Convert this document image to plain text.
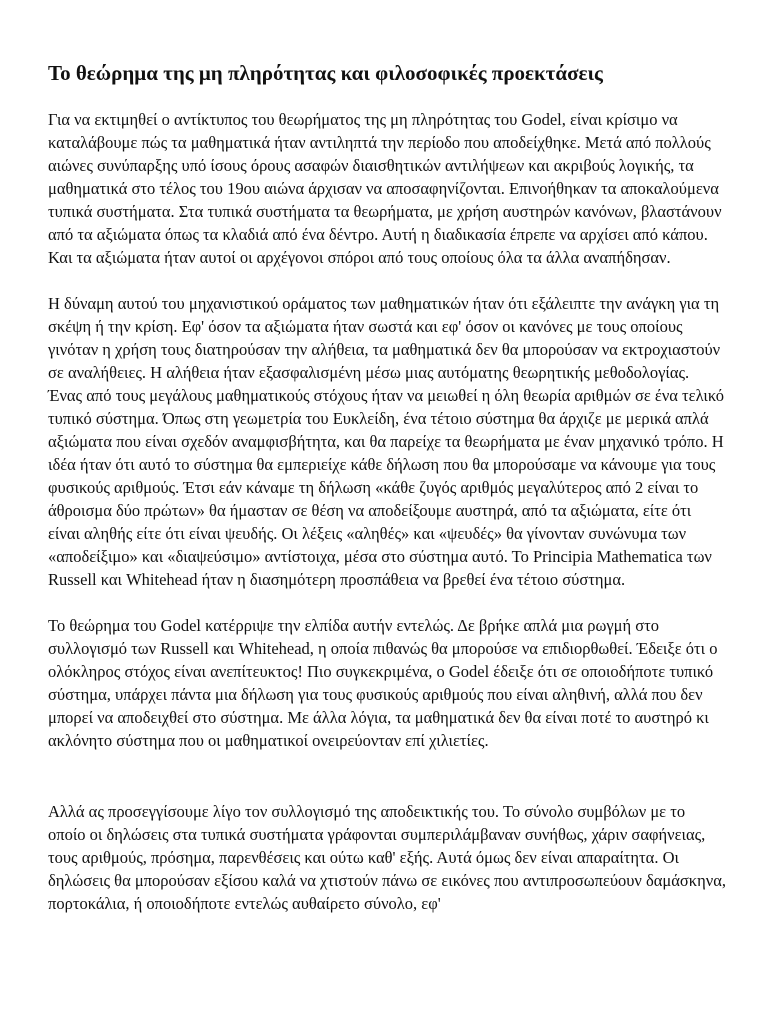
Το θεώρημα της μη πληρότητας και φιλοσοφικές προεκτάσεις

Για να εκτιμηθεί ο αντίκτυπος του θεωρήματος της μη πληρότητας του Godel, είναι κρίσιμο να καταλάβουμε πώς τα μαθηματικά ήταν αντιληπτά την περίοδο που αποδείχθηκε. Μετά από πολλούς αιώνες συνύπαρξης υπό ίσους όρους ασαφών διαισθητικών αντιλήψεων και ακριβούς λογικής, τα μαθηματικά στο τέλος του 19ου αιώνα άρχισαν να αποσαφηνίζονται. Επινοήθηκαν τα αποκαλούμενα τυπικά συστήματα. Στα τυπικά συστήματα τα θεωρήματα, με χρήση αυστηρών κανόνων, βλαστάνουν από τα αξιώματα όπως τα κλαδιά από ένα δέντρο. Αυτή η διαδικασία έπρεπε να αρχίσει από κάπου. Και τα αξιώματα ήταν αυτοί οι αρχέγονοι σπόροι από τους οποίους όλα τα άλλα αναπήδησαν.

Η δύναμη αυτού του μηχανιστικού οράματος των μαθηματικών ήταν ότι εξάλειπτε την ανάγκη για τη σκέψη ή την κρίση. Εφ' όσον τα αξιώματα ήταν σωστά και εφ' όσον οι κανόνες με τους οποίους γινόταν η χρήση τους διατηρούσαν την αλήθεια, τα μαθηματικά δεν θα μπορούσαν να εκτροχιαστούν σε αναλήθειες. Η αλήθεια ήταν εξασφαλισμένη μέσω μιας αυτόματης θεωρητικής μεθοδολογίας. Ένας από τους μεγάλους μαθηματικούς στόχους ήταν να μειωθεί η όλη θεωρία αριθμών σε ένα τελικό τυπικό σύστημα. Όπως στη γεωμετρία του Ευκλείδη, ένα τέτοιο σύστημα θα άρχιζε με μερικά απλά αξιώματα που είναι σχεδόν αναμφισβήτητα, και θα παρείχε τα θεωρήματα με έναν μηχανικό τρόπο. Η ιδέα ήταν ότι αυτό το σύστημα θα εμπεριείχε κάθε δήλωση που θα μπορούσαμε να κάνουμε για τους φυσικούς αριθμούς. Έτσι εάν κάναμε τη δήλωση «κάθε ζυγός αριθμός μεγαλύτερος από 2 είναι το άθροισμα δύο πρώτων» θα ήμασταν σε θέση να αποδείξουμε αυστηρά, από τα αξιώματα, είτε ότι είναι αληθής είτε ότι είναι ψευδής. Οι λέξεις «αληθές» και «ψευδές» θα γίνονταν συνώνυμα των «αποδείξιμο» και «διαψεύσιμο» αντίστοιχα, μέσα στο σύστημα αυτό. Το Principia Mathematica των Russell και Whitehead ήταν η διασημότερη προσπάθεια να βρεθεί ένα τέτοιο σύστημα.

Το θεώρημα του Godel κατέρριψε την ελπίδα αυτήν εντελώς. Δε βρήκε απλά μια ρωγμή στο συλλογισμό των Russell και Whitehead, η οποία πιθανώς θα μπορούσε να επιδιορθωθεί. Έδειξε ότι ο ολόκληρος στόχος είναι ανεπίτευκτος! Πιο συγκεκριμένα, ο Godel έδειξε ότι σε οποιοδήποτε τυπικό σύστημα, υπάρχει πάντα μια δήλωση για τους φυσικούς αριθμούς που είναι αληθινή, αλλά που δεν μπορεί να αποδειχθεί στο σύστημα. Με άλλα λόγια, τα μαθηματικά δεν θα είναι ποτέ το αυστηρό κι ακλόνητο σύστημα που οι μαθηματικοί ονειρεύονταν επί χιλιετίες.

Αλλά ας προσεγγίσουμε λίγο τον συλλογισμό της αποδεικτικής του. Το σύνολο συμβόλων με το οποίο οι δηλώσεις στα τυπικά συστήματα γράφονται συμπεριλάμβαναν συνήθως, χάριν σαφήνειας, τους αριθμούς, πρόσημα, παρενθέσεις και ούτω καθ' εξής. Αυτά όμως δεν είναι απαραίτητα. Οι δηλώσεις θα μπορούσαν εξίσου καλά να χτιστούν πάνω σε εικόνες που αντιπροσωπεύουν δαμάσκηνα, πορτοκάλια, ή οποιοδήποτε εντελώς αυθαίρετο σύνολο, εφ'
